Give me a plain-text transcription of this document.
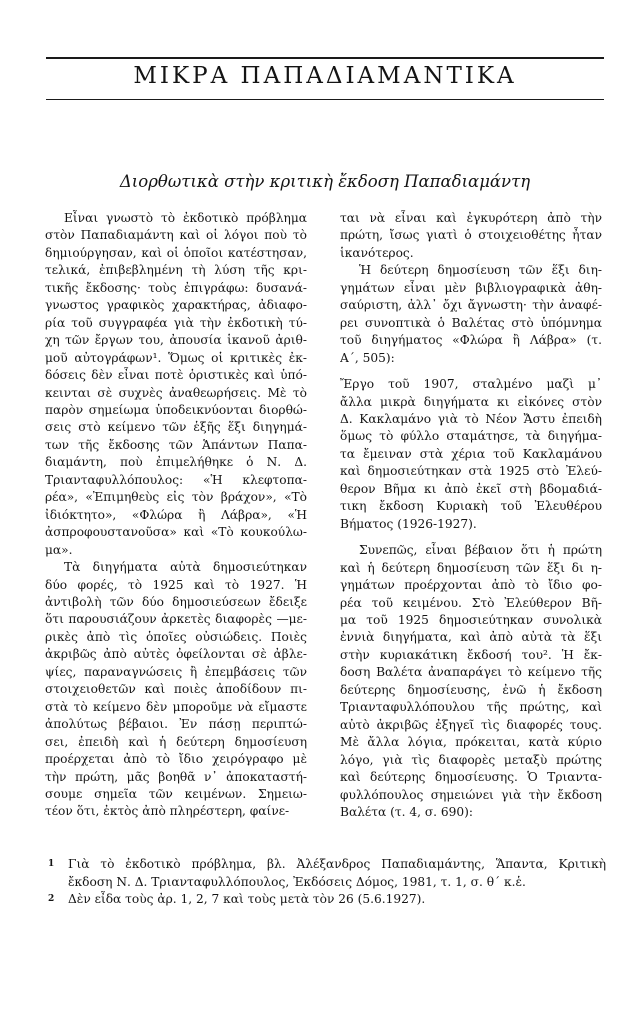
ΜΙΚΡΑ ΠΑΠΑΔΙΑΜΑΝΤΙΚΑ
Διορθωτικὰ στὴν κριτικὴ ἔκδοση Παπαδιαμάντη
Εἶναι γνωστὸ τὸ ἐκδοτικὸ πρόβλημα
στὸν Παπαδιαμάντη καὶ οἱ λόγοι ποὺ τὸ
δημιούργησαν, καὶ οἱ ὁποῖοι κατέστησαν,
τελικά, ἐπιβεβλημένη τὴ λύση τῆς κρι-
τικῆς ἔκδοσης· τοὺς ἐπιγράφω: δυσανά-
γνωστος γραφικὸς χαρακτήρας, ἀδιαφο-
ρία τοῦ συγγραφέα γιὰ τὴν ἐκδοτικὴ τύ-
χη τῶν ἔργων του, ἀπουσία ἱκανοῦ ἀριθ-
μοῦ αὐτογράφων¹. Ὅμως οἱ κριτικὲς ἐκ-
δόσεις δὲν εἶναι ποτὲ ὁριστικὲς καὶ ὑπό-
κεινται σὲ συχνὲς ἀναθεωρήσεις. Μὲ τὸ
παρὸν σημείωμα ὑποδεικνύονται διορθώ-
σεις στὸ κείμενο τῶν ἑξῆς ἕξι διηγημά-
των τῆς ἔκδοσης τῶν Ἁπάντων Παπα-
διαμάντη, ποὺ ἐπιμελήθηκε ὁ Ν. Δ.
Τριανταφυλλόπουλος: «Ἡ κλεφτοπα-
ρέα», «Ἐπιμηθεὺς εἰς τὸν βράχον», «Τὸ
ἰδιόκτητο», «Φλώρα ἢ Λάβρα», «Ἡ
ἀσπροφουστανοῦσα» καὶ «Τὸ κουκούλω-
μα».
Τὰ διηγήματα αὐτὰ δημοσιεύτηκαν
δύο φορές, τὸ 1925 καὶ τὸ 1927. Ἡ
ἀντιβολὴ τῶν δύο δημοσιεύσεων ἔδειξε
ὅτι παρουσιάζουν ἀρκετὲς διαφορὲς —με-
ρικὲς ἀπὸ τὶς ὁποῖες οὐσιώδεις. Ποιὲς
ἀκριβῶς ἀπὸ αὐτὲς ὀφείλονται σὲ ἀβλε-
ψίες, παραναγνώσεις ἢ ἐπεμβάσεις τῶν
στοιχειοθετῶν καὶ ποιὲς ἀποδίδουν πι-
στὰ τὸ κείμενο δὲν μποροῦμε νὰ εἴμαστε
ἀπολύτως βέβαιοι. Ἐν πάσῃ περιπτώ-
σει, ἐπειδὴ καὶ ἡ δεύτερη δημοσίευση
προέρχεται ἀπὸ τὸ ἴδιο χειρόγραφο μὲ
τὴν πρώτη, μᾶς βοηθᾶ ν᾽ ἀποκαταστή-
σουμε σημεῖα τῶν κειμένων. Σημειω-
τέον ὅτι, ἐκτὸς ἀπὸ πληρέστερη, φαίνε-
ται νὰ εἶναι καὶ ἐγκυρότερη ἀπὸ τὴν
πρώτη, ἴσως γιατὶ ὁ στοιχειοθέτης ἦταν
ἱκανότερος.
Ἡ δεύτερη δημοσίευση τῶν ἕξι διη-
γημάτων εἶναι μὲν βιβλιογραφικὰ ἀθη-
σαύριστη, ἀλλ᾽ ὄχι ἄγνωστη· τὴν ἀναφέ-
ρει συνοπτικὰ ὁ Βαλέτας στὸ ὑπόμνημα
τοῦ διηγήματος «Φλώρα ἢ Λάβρα» (τ.
Α΄, 505):
Ἔργο τοῦ 1907, σταλμένο μαζὶ μ᾽
ἄλλα μικρὰ διηγήματα κι εἰκόνες στὸν
Δ. Κακλαμάνο γιὰ τὸ Νέον Ἄστυ ἐπειδὴ
ὅμως τὸ φύλλο σταμάτησε, τὰ διηγήμα-
τα ἔμειναν στὰ χέρια τοῦ Κακλαμάνου
καὶ δημοσιεύτηκαν στὰ 1925 στὸ Ἐλεύ-
θερον Βῆμα κι ἀπὸ ἐκεῖ στὴ βδομαδιά-
τικη ἔκδοση Κυριακὴ τοῦ Ἐλευθέρου
Βήματος (1926-1927).
Συνεπῶς, εἶναι βέβαιον ὅτι ἡ πρώτη
καὶ ἡ δεύτερη δημοσίευση τῶν ἕξι δι η-
γημάτων προέρχονται ἀπὸ τὸ ἴδιο φο-
ρέα τοῦ κειμένου. Στὸ Ἐλεύθερον Βῆ-
μα τοῦ 1925 δημοσιεύτηκαν συνολικὰ
ἐννιὰ διηγήματα, καὶ ἀπὸ αὐτὰ τὰ ἕξι
στὴν κυριακάτικη ἔκδοσή του². Ἡ ἔκ-
δοση Βαλέτα ἀναπαράγει τὸ κείμενο τῆς
δεύτερης δημοσίευσης, ἐνῶ ἡ ἔκδοση
Τριανταφυλλόπουλου τῆς πρώτης, καὶ
αὐτὸ ἀκριβῶς ἐξηγεῖ τὶς διαφορές τους.
Μὲ ἄλλα λόγια, πρόκειται, κατὰ κύριο
λόγο, γιὰ τὶς διαφορὲς μεταξὺ πρώτης
καὶ δεύτερης δημοσίευσης. Ὁ Τριαντα-
φυλλόπουλος σημειώνει γιὰ τὴν ἔκδοση
Βαλέτα (τ. 4, σ. 690):
1 Γιὰ τὸ ἐκδοτικὸ πρόβλημα, βλ. Ἀλέξανδρος Παπαδιαμάντης, Ἅπαντα, Κριτικὴ
ἔκδοση Ν. Δ. Τριανταφυλλόπουλος, Ἐκδόσεις Δόμος, 1981, τ. 1, σ. θ΄ κ.ἑ.
2 Δὲν εἶδα τοὺς ἀρ. 1, 2, 7 καὶ τοὺς μετὰ τὸν 26 (5.6.1927).
